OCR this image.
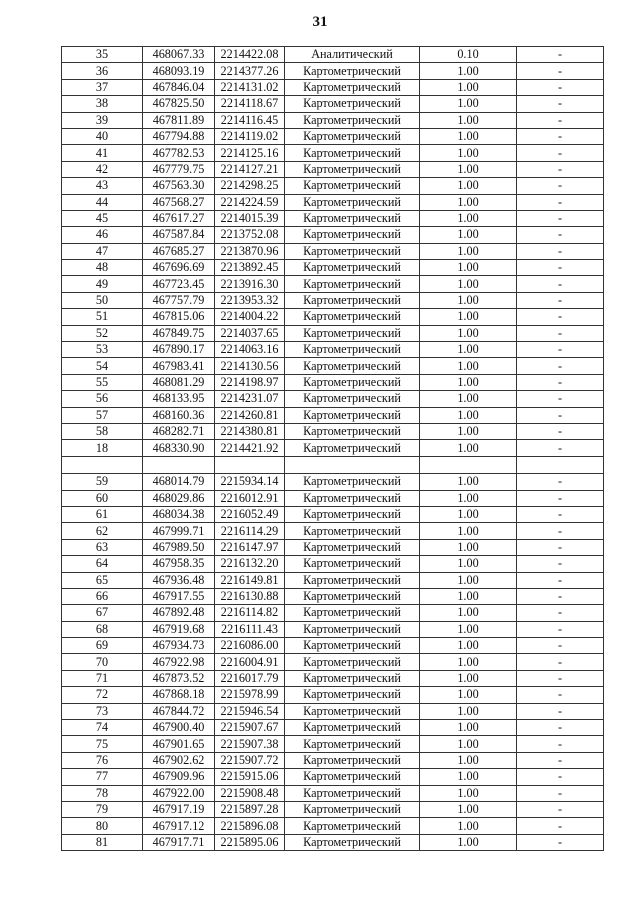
31
35	468067.33	2214422.08	Аналитический	0.10	-
36	468093.19	2214377.26	Картометрический	1.00	-
37	467846.04	2214131.02	Картометрический	1.00	-
38	467825.50	2214118.67	Картометрический	1.00	-
39	467811.89	2214116.45	Картометрический	1.00	-
40	467794.88	2214119.02	Картометрический	1.00	-
41	467782.53	2214125.16	Картометрический	1.00	-
42	467779.75	2214127.21	Картометрический	1.00	-
43	467563.30	2214298.25	Картометрический	1.00	-
44	467568.27	2214224.59	Картометрический	1.00	-
45	467617.27	2214015.39	Картометрический	1.00	-
46	467587.84	2213752.08	Картометрический	1.00	-
47	467685.27	2213870.96	Картометрический	1.00	-
48	467696.69	2213892.45	Картометрический	1.00	-
49	467723.45	2213916.30	Картометрический	1.00	-
50	467757.79	2213953.32	Картометрический	1.00	-
51	467815.06	2214004.22	Картометрический	1.00	-
52	467849.75	2214037.65	Картометрический	1.00	-
53	467890.17	2214063.16	Картометрический	1.00	-
54	467983.41	2214130.56	Картометрический	1.00	-
55	468081.29	2214198.97	Картометрический	1.00	-
56	468133.95	2214231.07	Картометрический	1.00	-
57	468160.36	2214260.81	Картометрический	1.00	-
58	468282.71	2214380.81	Картометрический	1.00	-
18	468330.90	2214421.92	Картометрический	1.00	-

59	468014.79	2215934.14	Картометрический	1.00	-
60	468029.86	2216012.91	Картометрический	1.00	-
61	468034.38	2216052.49	Картометрический	1.00	-
62	467999.71	2216114.29	Картометрический	1.00	-
63	467989.50	2216147.97	Картометрический	1.00	-
64	467958.35	2216132.20	Картометрический	1.00	-
65	467936.48	2216149.81	Картометрический	1.00	-
66	467917.55	2216130.88	Картометрический	1.00	-
67	467892.48	2216114.82	Картометрический	1.00	-
68	467919.68	2216111.43	Картометрический	1.00	-
69	467934.73	2216086.00	Картометрический	1.00	-
70	467922.98	2216004.91	Картометрический	1.00	-
71	467873.52	2216017.79	Картометрический	1.00	-
72	467868.18	2215978.99	Картометрический	1.00	-
73	467844.72	2215946.54	Картометрический	1.00	-
74	467900.40	2215907.67	Картометрический	1.00	-
75	467901.65	2215907.38	Картометрический	1.00	-
76	467902.62	2215907.72	Картометрический	1.00	-
77	467909.96	2215915.06	Картометрический	1.00	-
78	467922.00	2215908.48	Картометрический	1.00	-
79	467917.19	2215897.28	Картометрический	1.00	-
80	467917.12	2215896.08	Картометрический	1.00	-
81	467917.71	2215895.06	Картометрический	1.00	-
